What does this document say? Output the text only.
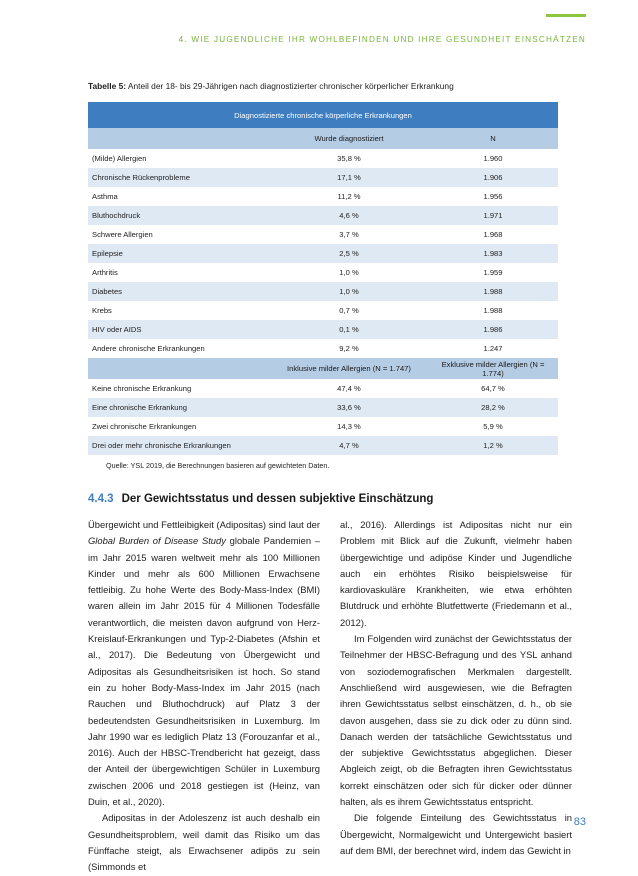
4. WIE JUGENDLICHE IHR WOHLBEFINDEN UND IHRE GESUNDHEIT EINSCHÄTZEN
Tabelle 5: Anteil der 18- bis 29-Jährigen nach diagnostizierter chronischer körperlicher Erkrankung
Diagnostizierte chronische körperliche Erkrankungen		
	Wurde diagnostiziert	N
(Milde) Allergien	35,8 %	1.960
Chronische Rückenprobleme	17,1 %	1.906
Asthma	11,2 %	1.956
Bluthochdruck	4,6 %	1.971
Schwere Allergien	3,7 %	1.968
Epilepsie	2,5 %	1.983
Arthritis	1,0 %	1.959
Diabetes	1,0 %	1.988
Krebs	0,7 %	1.988
HIV oder AIDS	0,1 %	1.986
Andere chronische Erkrankungen	9,2 %	1.247
	Inklusive milder Allergien (N = 1.747)	Exklusive milder Allergien (N = 1.774)
Keine chronische Erkrankung	47,4 %	64,7 %
Eine chronische Erkrankung	33,6 %	28,2 %
Zwei chronische Erkrankungen	14,3 %	5,9 %
Drei oder mehr chronische Erkrankungen	4,7 %	1,2 %
Quelle: YSL 2019, die Berechnungen basieren auf gewichteten Daten.
4.4.3 Der Gewichtsstatus und dessen subjektive Einschätzung

Übergewicht und Fettleibigkeit (Adipositas) sind laut der Global Burden of Disease Study globale Pandemien – im Jahr 2015 waren weltweit mehr als 100 Millionen Kinder und mehr als 600 Millionen Erwachsene fettleibig. Zu hohe Werte des Body-Mass-Index (BMI) waren allein im Jahr 2015 für 4 Millionen Todesfälle verantwortlich, die meisten davon aufgrund von Herz-Kreislauf-Erkrankungen und Typ-2-Diabetes (Afshin et al., 2017). Die Bedeutung von Übergewicht und Adipositas als Gesundheitsrisiken ist hoch. So stand ein zu hoher Body-Mass-Index im Jahr 2015 (nach Rauchen und Bluthochdruck) auf Platz 3 der bedeutendsten Gesundheitsrisiken in Luxemburg. Im Jahr 1990 war es lediglich Platz 13 (Forouzanfar et al., 2016). Auch der HBSC-Trendbericht hat gezeigt, dass der Anteil der übergewichtigen Schüler in Luxemburg zwischen 2006 und 2018 gestiegen ist (Heinz, van Duin, et al., 2020).

Adipositas in der Adoleszenz ist auch deshalb ein Gesundheitsproblem, weil damit das Risiko um das Fünffache steigt, als Erwachsener adipös zu sein (Simmonds et

al., 2016). Allerdings ist Adipositas nicht nur ein Problem mit Blick auf die Zukunft, vielmehr haben übergewichtige und adipöse Kinder und Jugendliche auch ein erhöhtes Risiko beispielsweise für kardiovaskuläre Krankheiten, wie etwa erhöhten Blutdruck und erhöhte Blutfettwerte (Friedemann et al., 2012).

Im Folgenden wird zunächst der Gewichtsstatus der Teilnehmer der HBSC-Befragung und des YSL anhand von soziodemografischen Merkmalen dargestellt. Anschließend wird ausgewiesen, wie die Befragten ihren Gewichtsstatus selbst einschätzen, d. h., ob sie davon ausgehen, dass sie zu dick oder zu dünn sind. Danach werden der tatsächliche Gewichtsstatus und der subjektive Gewichtsstatus abgeglichen. Dieser Abgleich zeigt, ob die Befragten ihren Gewichtsstatus korrekt einschätzen oder sich für dicker oder dünner halten, als es ihrem Gewichtsstatus entspricht.

Die folgende Einteilung des Gewichtsstatus in Übergewicht, Normalgewicht und Untergewicht basiert auf dem BMI, der berechnet wird, indem das Gewicht in

83
